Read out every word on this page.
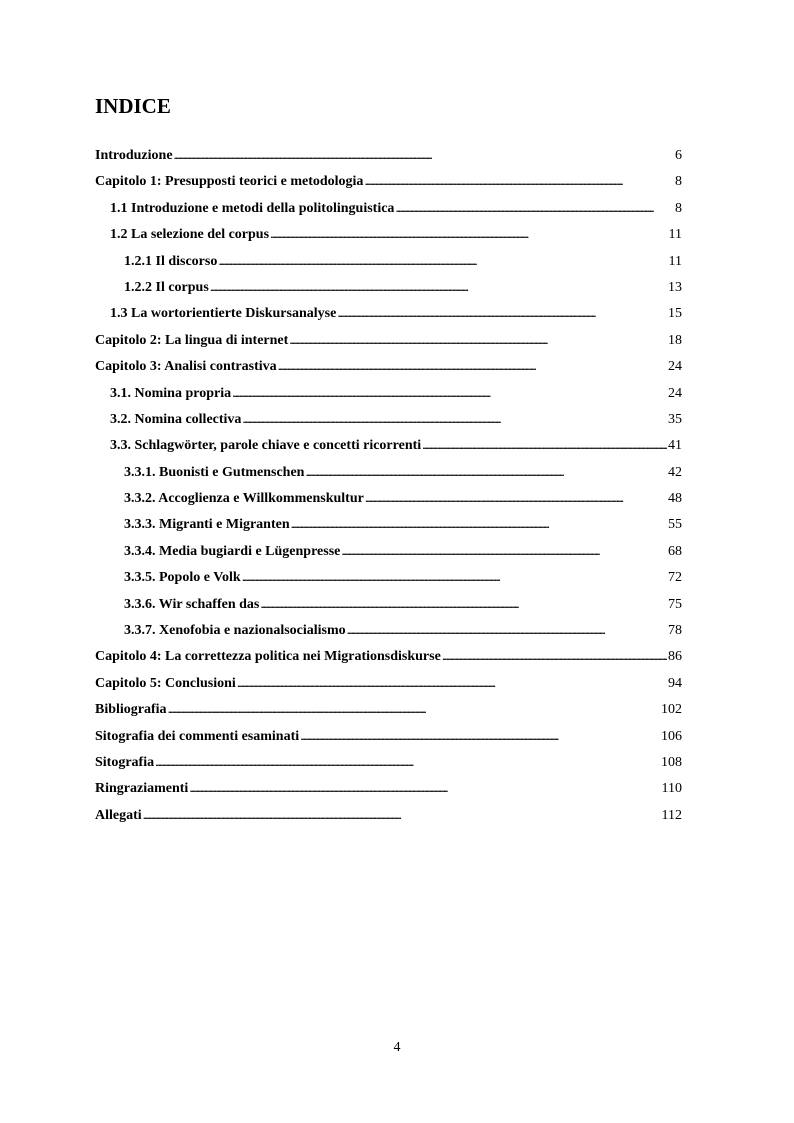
INDICE
Introduzione . . .	6
Capitolo 1: Presupposti teorici e metodologia . . .	8
1.1 Introduzione e metodi della politolinguistica . . .	8
1.2 La selezione del corpus . . .	11
1.2.1 Il discorso . . .	11
1.2.2 Il corpus . . .	13
1.3 La wortorientierte Diskursanalyse . . .	15
Capitolo 2: La lingua di internet . . .	18
Capitolo 3: Analisi contrastiva . . .	24
3.1. Nomina propria . . .	24
3.2. Nomina collectiva . . .	35
3.3. Schlagwörter, parole chiave e concetti ricorrenti . . .	41
3.3.1. Buonisti e Gutmenschen . . .	42
3.3.2. Accoglienza e Willkommenskultur . . .	48
3.3.3. Migranti e Migranten . . .	55
3.3.4. Media bugiardi e Lügenpresse . . .	68
3.3.5. Popolo e Volk . . .	72
3.3.6. Wir schaffen das . . .	75
3.3.7. Xenofobia e nazionalsocialismo . . .	78
Capitolo 4: La correttezza politica nei Migrationsdiskurse . . .	86
Capitolo 5: Conclusioni . . .	94
Bibliografia . . .	102
Sitografia dei commenti esaminati . . .	106
Sitografia . . .	108
Ringraziamenti . . .	110
Allegati . . .	112
4
